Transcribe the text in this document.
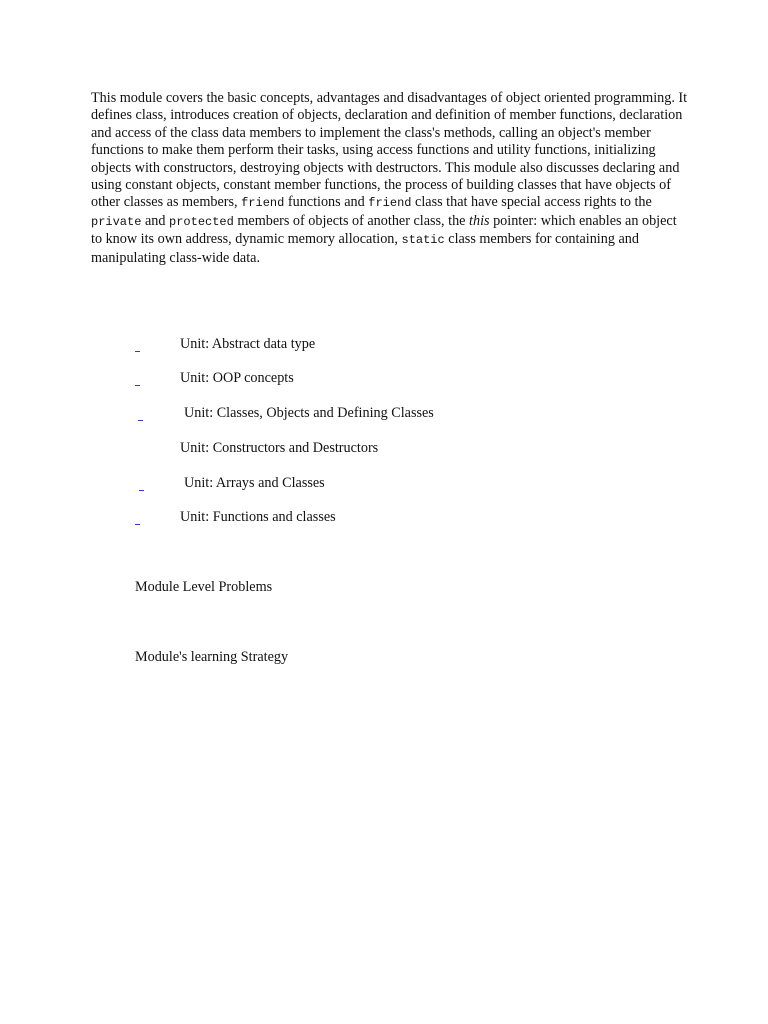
This module covers the basic concepts, advantages and disadvantages of object oriented programming. It defines class, introduces creation of objects, declaration and definition of member functions, declaration and access of the class data members to implement the class's methods, calling an object's member functions to make them perform their tasks, using access functions and utility functions, initializing objects with constructors, destroying objects with destructors. This module also discusses declaring and using constant objects, constant member functions, the process of building classes that have objects of other classes as members, friend functions and friend class that have special access rights to the private and protected members of objects of another class, the this pointer: which enables an object to know its own address, dynamic memory allocation, static class members for containing and manipulating class-wide data.

Unit: Abstract data type
Unit: OOP concepts
Unit: Classes, Objects and Defining Classes
Unit: Constructors and Destructors
Unit: Arrays and Classes
Unit: Functions and classes
Module Level Problems
Module's learning Strategy
